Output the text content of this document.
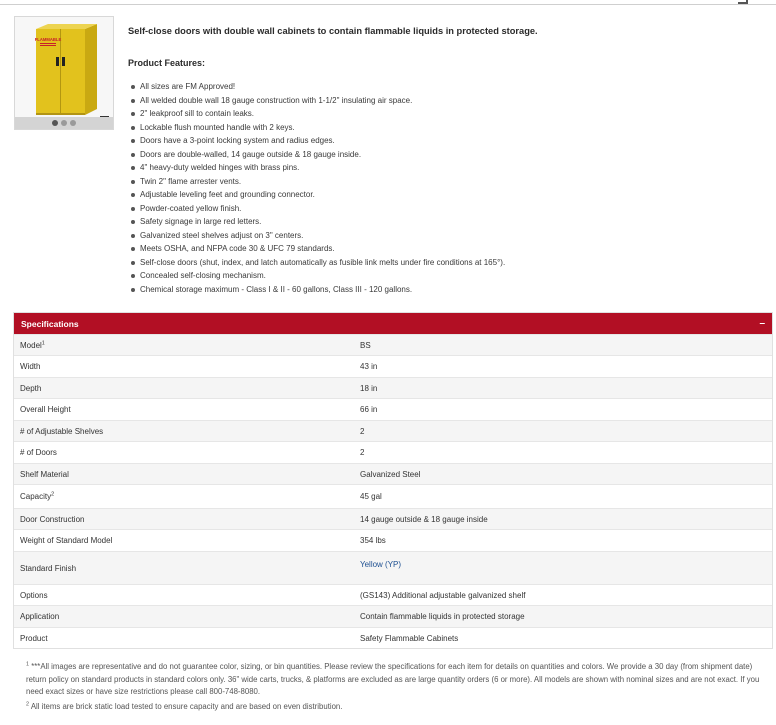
FLAMMABLE
Self-close doors with double wall cabinets to contain flammable liquids in protected storage.
Product Features:
All sizes are FM Approved!
All welded double wall 18 gauge construction with 1-1/2" insulating air space.
2" leakproof sill to contain leaks.
Lockable flush mounted handle with 2 keys.
Doors have a 3-point locking system and radius edges.
Doors are double-walled, 14 gauge outside & 18 gauge inside.
4" heavy-duty welded hinges with brass pins.
Twin 2" flame arrester vents.
Adjustable leveling feet and grounding connector.
Powder-coated yellow finish.
Safety signage in large red letters.
Galvanized steel shelves adjust on 3" centers.
Meets OSHA, and NFPA code 30 & UFC 79 standards.
Self-close doors (shut, index, and latch automatically as fusible link melts under fire conditions at 165°).
Concealed self-closing mechanism.
Chemical storage maximum - Class I & II - 60 gallons, Class III - 120 gallons.
Specifications	–
Model$^1$	BS
Width	43 in
Depth	18 in
Overall Height	66 in
# of Adjustable Shelves	2
# of Doors	2
Shelf Material	Galvanized Steel
Capacity$^2$	45 gal
Door Construction	14 gauge outside & 18 gauge inside
Weight of Standard Model	354 lbs
Standard Finish	Yellow (YP)
Options	(GS143) Additional adjustable galvanized shelf
Application	Contain flammable liquids in protected storage
Product	Safety Flammable Cabinets

$^1$ ***All images are representative and do not guarantee color, sizing, or bin quantities. Please review the specifications for each item for details on quantities and colors. We provide a 30 day (from shipment date) return policy on standard products in standard colors only. 36" wide carts, trucks, & platforms are excluded as are large quantity orders (6 or more). All models are shown with nominal sizes and are not exact. If you need exact sizes or have size restrictions please call 800-748-8080.

$^2$ All items are brick static load tested to ensure capacity and are based on even distribution.
